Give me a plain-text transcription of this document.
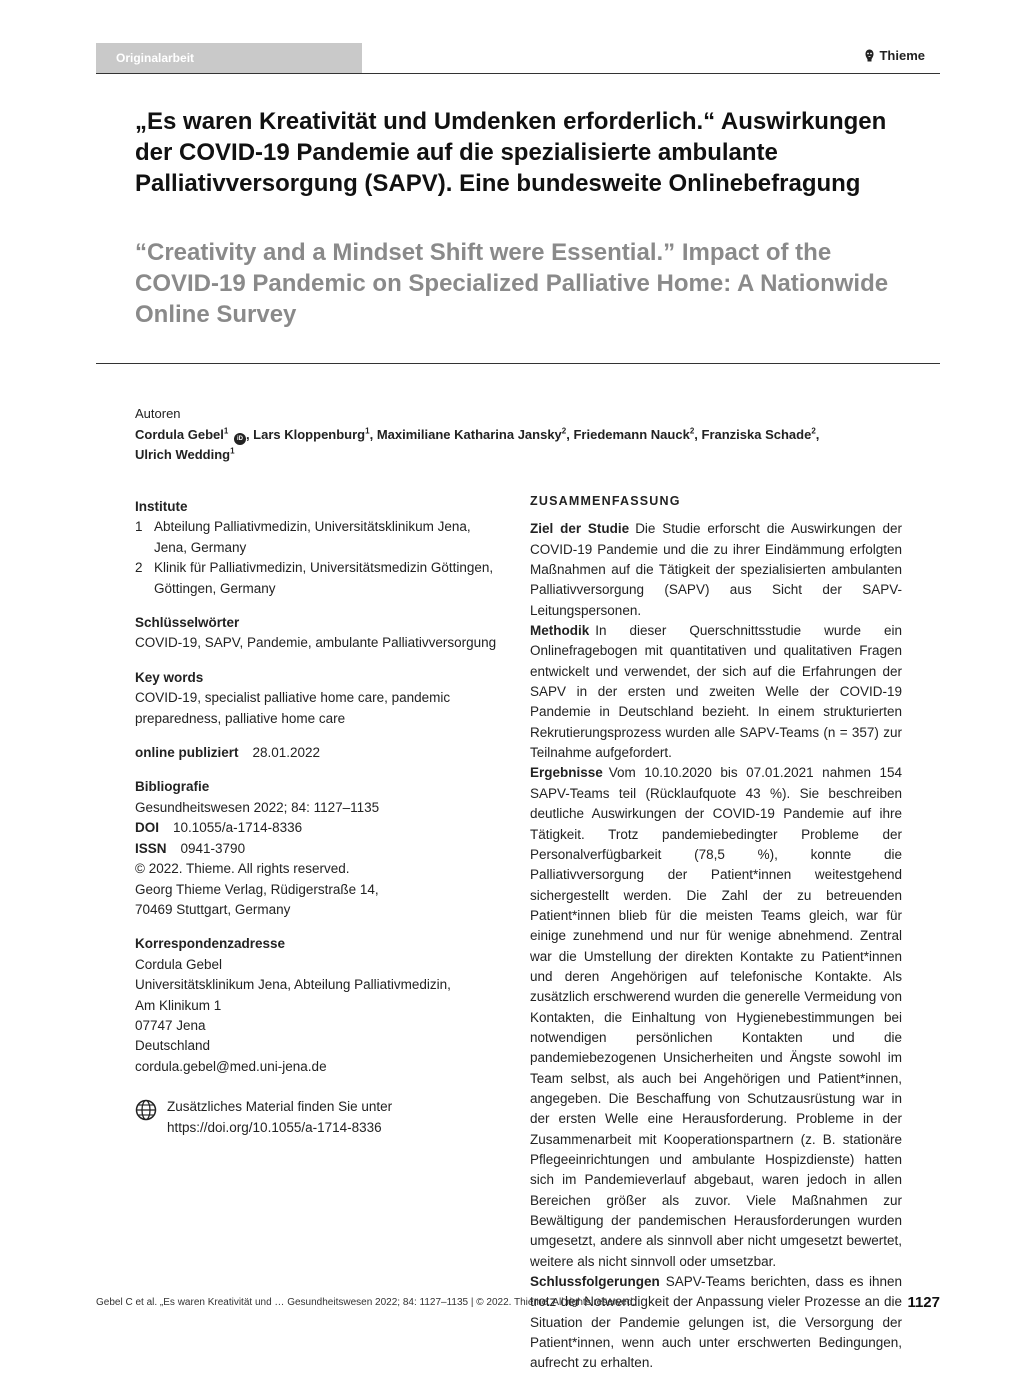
Originalarbeit	Thieme
„Es waren Kreativität und Umdenken erforderlich.“ Auswirkungen der COVID-19 Pandemie auf die spezialisierte ambulante Palliativversorgung (SAPV). Eine bundesweite Onlinebefragung
“Creativity and a Mindset Shift were Essential.” Impact of the COVID-19 Pandemic on Specialized Palliative Home: A Nationwide Online Survey
Autoren
Cordula Gebel$^1$ iD , Lars Kloppenburg$^1$, Maximiliane Katharina Jansky$^2$, Friedemann Nauck$^2$, Franziska Schade$^2$,
Ulrich Wedding$^1$
Institute
1 Abteilung Palliativmedizin, Universitätsklinikum Jena, Jena, Germany
2 Klinik für Palliativmedizin, Universitätsmedizin Göttingen, Göttingen, Germany
Schlüsselwörter
COVID-19, SAPV, Pandemie, ambulante Palliativversorgung
Key words
COVID-19, specialist palliative home care, pandemic preparedness, palliative home care
online publiziert 28.01.2022
Bibliografie
Gesundheitswesen 2022; 84: 1127–1135
DOI 10.1055/a-1714-8336
ISSN 0941-3790
© 2022. Thieme. All rights reserved.
Georg Thieme Verlag, Rüdigerstraße 14,
70469 Stuttgart, Germany
Korrespondenzadresse
Cordula Gebel
Universitätsklinikum Jena, Abteilung Palliativmedizin,
Am Klinikum 1
07747 Jena
Deutschland
cordula.gebel@med.uni-jena.de
Zusätzliches Material finden Sie unter https://doi.org/10.1055/a-1714-8336
ZUSAMMENFASSUNG

Ziel der Studie Die Studie erforscht die Auswirkungen der COVID-19 Pandemie und die zu ihrer Eindämmung erfolgten Maßnahmen auf die Tätigkeit der spezialisierten ambulanten Palliativversorgung (SAPV) aus Sicht der SAPV-Leitungspersonen.

Methodik In dieser Querschnittsstudie wurde ein Onlinefragebogen mit quantitativen und qualitativen Fragen entwickelt und verwendet, der sich auf die Erfahrungen der SAPV in der ersten und zweiten Welle der COVID-19 Pandemie in Deutschland bezieht. In einem strukturierten Rekrutierungsprozess wurden alle SAPV-Teams (n = 357) zur Teilnahme aufgefordert.

Ergebnisse Vom 10.10.2020 bis 07.01.2021 nahmen 154 SAPV-Teams teil (Rücklaufquote 43 %). Sie beschreiben deutliche Auswirkungen der COVID-19 Pandemie auf ihre Tätigkeit. Trotz pandemiebedingter Probleme der Personalverfügbarkeit (78,5 %), konnte die Palliativversorgung der Patient*innen weitestgehend sichergestellt werden. Die Zahl der zu betreuenden Patient*innen blieb für die meisten Teams gleich, war für einige zunehmend und nur für wenige abnehmend. Zentral war die Umstellung der direkten Kontakte zu Patient*innen und deren Angehörigen auf telefonische Kontakte. Als zusätzlich erschwerend wurden die generelle Vermeidung von Kontakten, die Einhaltung von Hygienebestimmungen bei notwendigen persönlichen Kontakten und die pandemiebezogenen Unsicherheiten und Ängste sowohl im Team selbst, als auch bei Angehörigen und Patient*innen, angegeben. Die Beschaffung von Schutzausrüstung war in der ersten Welle eine Herausforderung. Probleme in der Zusammenarbeit mit Kooperationspartnern (z. B. stationäre Pflegeeinrichtungen und ambulante Hospizdienste) hatten sich im Pandemieverlauf abgebaut, waren jedoch in allen Bereichen größer als zuvor. Viele Maßnahmen zur Bewältigung der pandemischen Herausforderungen wurden umgesetzt, andere als sinnvoll aber nicht umgesetzt bewertet, weitere als nicht sinnvoll oder umsetzbar.

Schlussfolgerungen SAPV-Teams berichten, dass es ihnen trotz der Notwendigkeit der Anpassung vieler Prozesse an die Situation der Pandemie gelungen ist, die Versorgung der Patient*innen, wenn auch unter erschwerten Bedingungen, aufrecht zu erhalten.

Gebel C et al. „Es waren Kreativität und … Gesundheitswesen 2022; 84: 1127–1135 | © 2022. Thieme. All rights reserved.	1127
